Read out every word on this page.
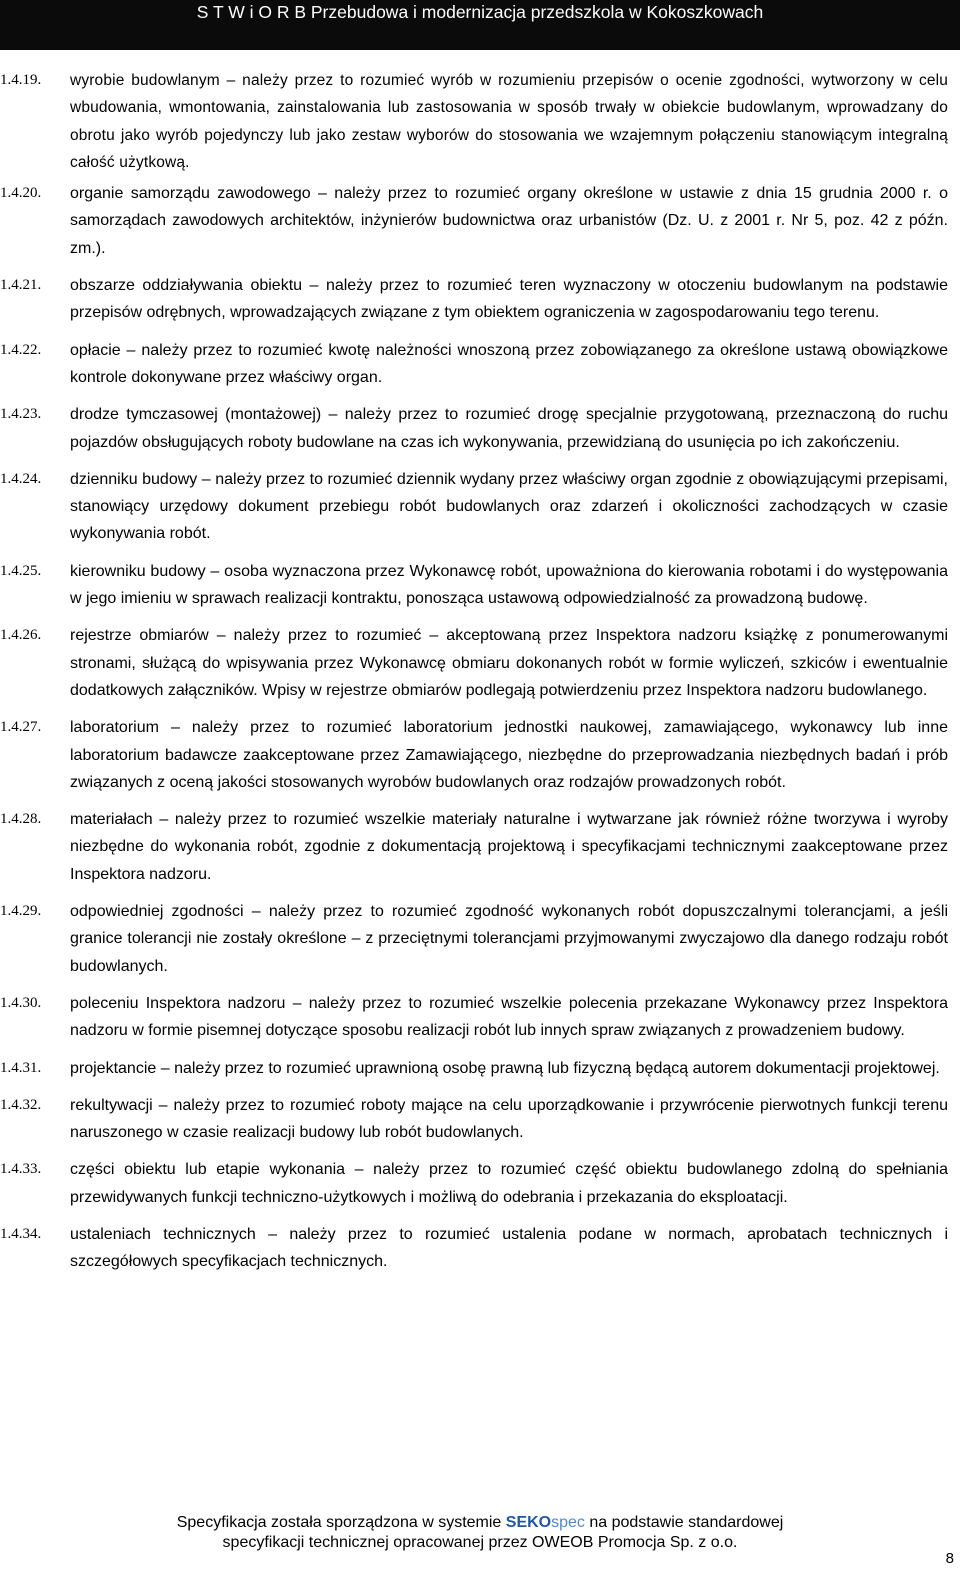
S T W i O R B Przebudowa i modernizacja przedszkola w Kokoszkowach
1.4.19.	wyrobie budowlanym – należy przez to rozumieć wyrób w rozumieniu przepisów o ocenie zgodności, wytworzony w celu wbudowania, wmontowania, zainstalowania lub zastosowania w sposób trwały w obiekcie budowlanym, wprowadzany do obrotu jako wyrób pojedynczy lub jako zestaw wyborów do stosowania we wzajemnym połączeniu stanowiącym integralną całość użytkową.

1.4.20.	organie samorządu zawodowego – należy przez to rozumieć organy określone w ustawie z dnia 15 grudnia 2000 r. o samorządach zawodowych architektów, inżynierów budownictwa oraz urbanistów (Dz. U. z 2001 r. Nr 5, poz. 42 z późn. zm.).

1.4.21.	obszarze oddziaływania obiektu – należy przez to rozumieć teren wyznaczony w otoczeniu budowlanym na podstawie przepisów odrębnych, wprowadzających związane z tym obiektem ograniczenia w zagospodarowaniu tego terenu.

1.4.22.	opłacie – należy przez to rozumieć kwotę należności wnoszoną przez zobowiązanego za określone ustawą obowiązkowe kontrole dokonywane przez właściwy organ.

1.4.23.	drodze tymczasowej (montażowej) – należy przez to rozumieć drogę specjalnie przygotowaną, przeznaczoną do ruchu pojazdów obsługujących roboty budowlane na czas ich wykonywania, przewidzianą do usunięcia po ich zakończeniu.

1.4.24.	dzienniku budowy – należy przez to rozumieć dziennik wydany przez właściwy organ zgodnie z obowiązującymi przepisami, stanowiący urzędowy dokument przebiegu robót budowlanych oraz zdarzeń i okoliczności zachodzących w czasie wykonywania robót.

1.4.25.	kierowniku budowy – osoba wyznaczona przez Wykonawcę robót, upoważniona do kierowania robotami i do występowania w jego imieniu w sprawach realizacji kontraktu, ponosząca ustawową odpowiedzialność za prowadzoną budowę.

1.4.26.	rejestrze obmiarów – należy przez to rozumieć – akceptowaną przez Inspektora nadzoru książkę z ponumerowanymi stronami, służącą do wpisywania przez Wykonawcę obmiaru dokonanych robót w formie wyliczeń, szkiców i ewentualnie dodatkowych załączników. Wpisy w rejestrze obmiarów podlegają potwierdzeniu przez Inspektora nadzoru budowlanego.

1.4.27.	laboratorium – należy przez to rozumieć laboratorium jednostki naukowej, zamawiającego, wykonawcy lub inne laboratorium badawcze zaakceptowane przez Zamawiającego, niezbędne do przeprowadzania niezbędnych badań i prób związanych z oceną jakości stosowanych wyrobów budowlanych oraz rodzajów prowadzonych robót.

1.4.28.	materiałach – należy przez to rozumieć wszelkie materiały naturalne i wytwarzane jak również różne tworzywa i wyroby niezbędne do wykonania robót, zgodnie z dokumentacją projektową i specyfikacjami technicznymi zaakceptowane przez Inspektora nadzoru.

1.4.29.	odpowiedniej zgodności – należy przez to rozumieć zgodność wykonanych robót dopuszczalnymi tolerancjami, a jeśli granice tolerancji nie zostały określone – z przeciętnymi tolerancjami przyjmowanymi zwyczajowo dla danego rodzaju robót budowlanych.

1.4.30.	poleceniu Inspektora nadzoru – należy przez to rozumieć wszelkie polecenia przekazane Wykonawcy przez Inspektora nadzoru w formie pisemnej dotyczące sposobu realizacji robót lub innych spraw związanych z prowadzeniem budowy.

1.4.31.	projektancie – należy przez to rozumieć uprawnioną osobę prawną lub fizyczną będącą autorem dokumentacji projektowej.

1.4.32.	rekultywacji – należy przez to rozumieć roboty mające na celu uporządkowanie i przywrócenie pierwotnych funkcji terenu naruszonego w czasie realizacji budowy lub robót budowlanych.

1.4.33.	części obiektu lub etapie wykonania – należy przez to rozumieć część obiektu budowlanego zdolną do spełniania przewidywanych funkcji techniczno-użytkowych i możliwą do odebrania i przekazania do eksploatacji.

1.4.34.	ustaleniach technicznych – należy przez to rozumieć ustalenia podane w normach, aprobatach technicznych i szczegółowych specyfikacjach technicznych.

Specyfikacja została sporządzona w systemie SEKOspec na podstawie standardowej
specyfikacji technicznej opracowanej przez OWEOB Promocja Sp. z o.o.
8
